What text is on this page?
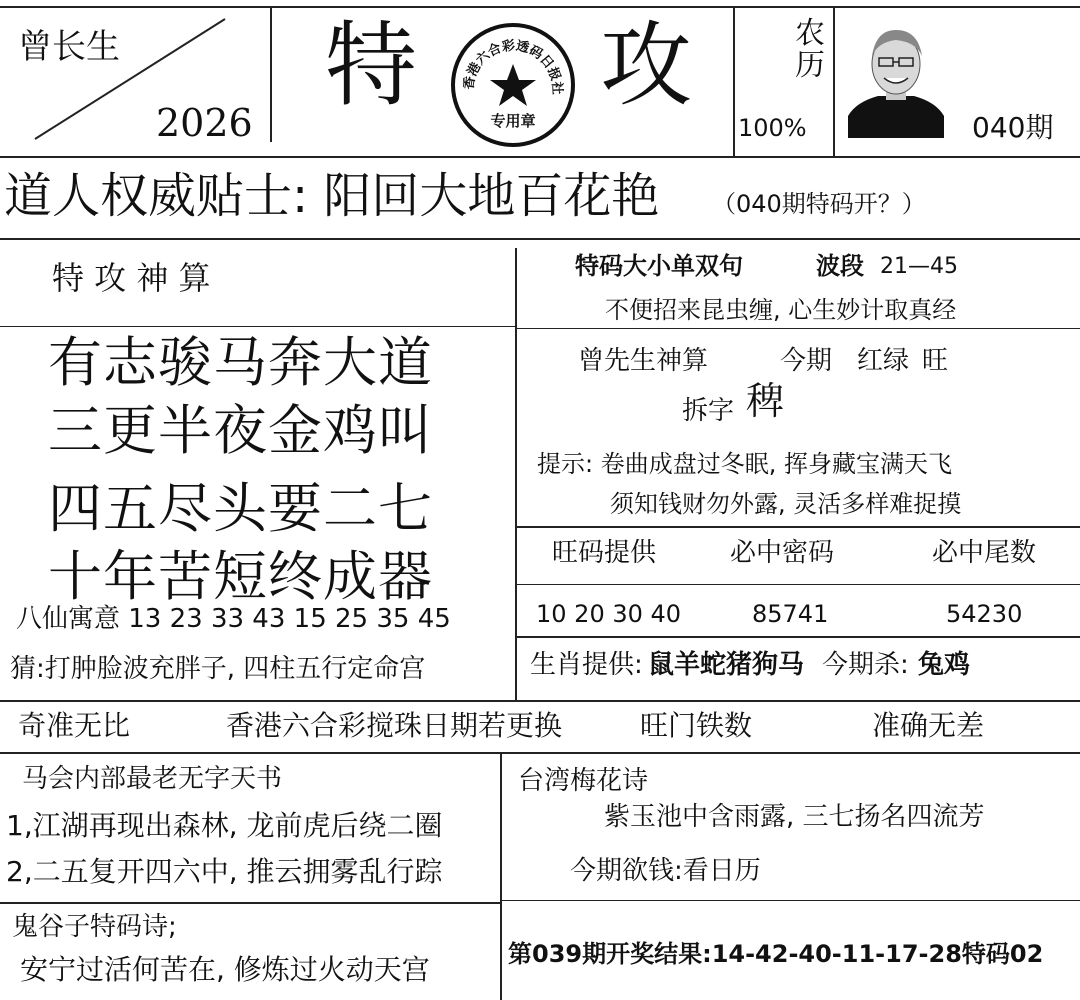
曾长生
2026
特	香港六合彩透码日报社
专用章
攻	农历
100%	040期
道人权威贴士: 阳回大地百花艳 （040期特码开？）
特 攻 神 算
有志骏马奔大道
三更半夜金鸡叫
四五尽头要二七
十年苦短终成器
八仙寓意 13 23 33 43 15 25 35 45
猜:打肿脸波充胖子, 四柱五行定命宫
特码大小单双句	波段 21—45
不便招来昆虫缠, 心生妙计取真经
曾先生神算	今期 红绿 旺
拆字 稗
提示: 卷曲成盘过冬眠, 挥身藏宝满天飞
须知钱财勿外露, 灵活多样难捉摸
旺码提供	必中密码	必中尾数
10 20 30 40	85741	54230
生肖提供: 鼠羊蛇猪狗马 今期杀: 兔鸡
奇准无比	香港六合彩搅珠日期若更换	旺门铁数	准确无差
马会内部最老无字天书
1,江湖再现出森林, 龙前虎后绕二圈
2,二五复开四六中, 推云拥雾乱行踪
鬼谷子特码诗;
安宁过活何苦在, 修炼过火动天宫
台湾梅花诗
紫玉池中含雨露, 三七扬名四流芳
今期欲钱:看日历
第039期开奖结果:14-42-40-11-17-28特码02
